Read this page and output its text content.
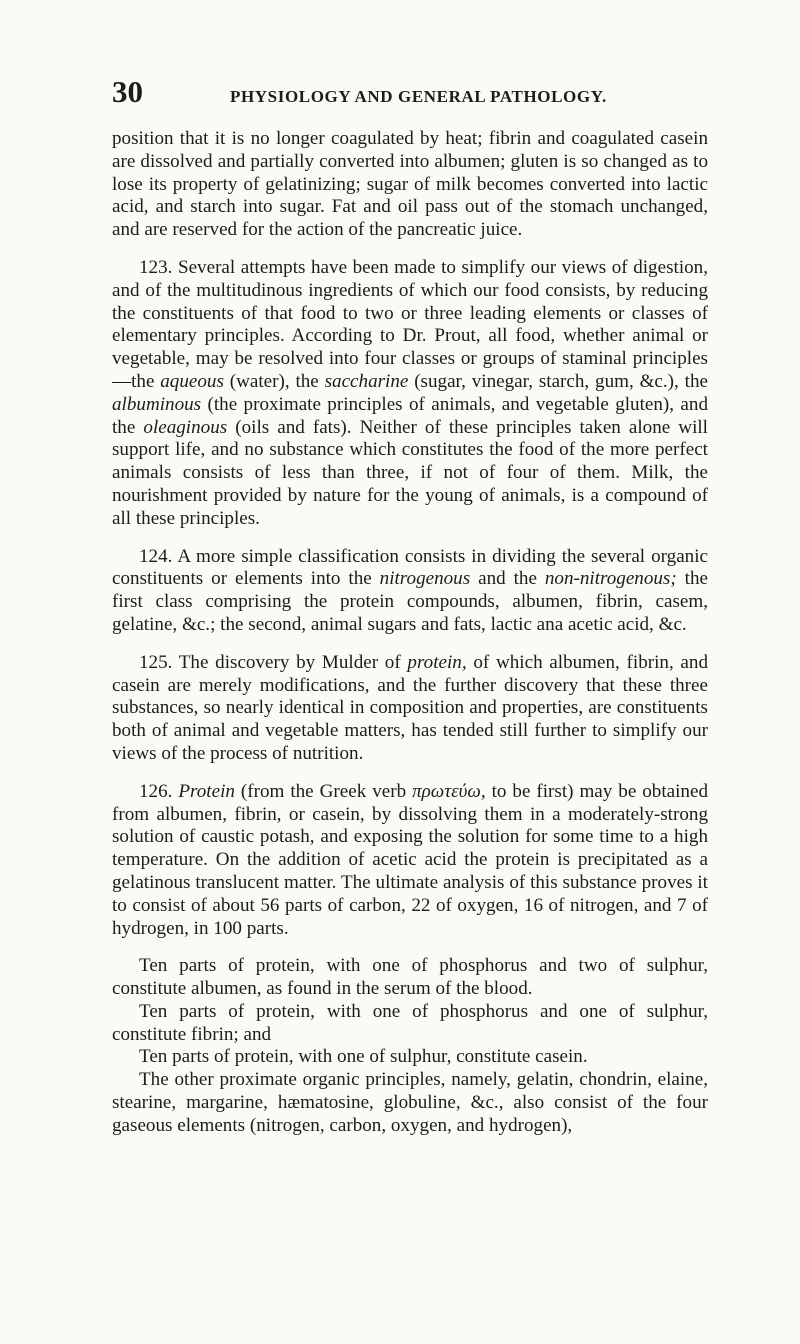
30	PHYSIOLOGY AND GENERAL PATHOLOGY.

position that it is no longer coagulated by heat; fibrin and coagulated casein are dissolved and partially converted into albumen; gluten is so changed as to lose its property of gelatinizing; sugar of milk becomes converted into lactic acid, and starch into sugar. Fat and oil pass out of the stomach unchanged, and are reserved for the action of the pancreatic juice.

123. Several attempts have been made to simplify our views of digestion, and of the multitudinous ingredients of which our food consists, by reducing the constituents of that food to two or three leading elements or classes of elementary principles. According to Dr. Prout, all food, whether animal or vegetable, may be resolved into four classes or groups of staminal principles—the aqueous (water), the saccharine (sugar, vinegar, starch, gum, &c.), the albuminous (the proximate principles of animals, and vegetable gluten), and the oleaginous (oils and fats). Neither of these principles taken alone will support life, and no substance which constitutes the food of the more perfect animals consists of less than three, if not of four of them. Milk, the nourishment provided by nature for the young of animals, is a compound of all these principles.

124. A more simple classification consists in dividing the several organic constituents or elements into the nitrogenous and the non-nitrogenous; the first class comprising the protein compounds, albumen, fibrin, casem, gelatine, &c.; the second, animal sugars and fats, lactic ana acetic acid, &c.

125. The discovery by Mulder of protein, of which albumen, fibrin, and casein are merely modifications, and the further discovery that these three substances, so nearly identical in composition and properties, are constituents both of animal and vegetable matters, has tended still further to simplify our views of the process of nutrition.

126. Protein (from the Greek verb πρωτεύω, to be first) may be obtained from albumen, fibrin, or casein, by dissolving them in a moderately-strong solution of caustic potash, and exposing the solution for some time to a high temperature. On the addition of acetic acid the protein is precipitated as a gelatinous translucent matter. The ultimate analysis of this substance proves it to consist of about 56 parts of carbon, 22 of oxygen, 16 of nitrogen, and 7 of hydrogen, in 100 parts.

Ten parts of protein, with one of phosphorus and two of sulphur, constitute albumen, as found in the serum of the blood.

Ten parts of protein, with one of phosphorus and one of sulphur, constitute fibrin; and

Ten parts of protein, with one of sulphur, constitute casein.

The other proximate organic principles, namely, gelatin, chondrin, elaine, stearine, margarine, hæmatosine, globuline, &c., also consist of the four gaseous elements (nitrogen, carbon, oxygen, and hydrogen),
